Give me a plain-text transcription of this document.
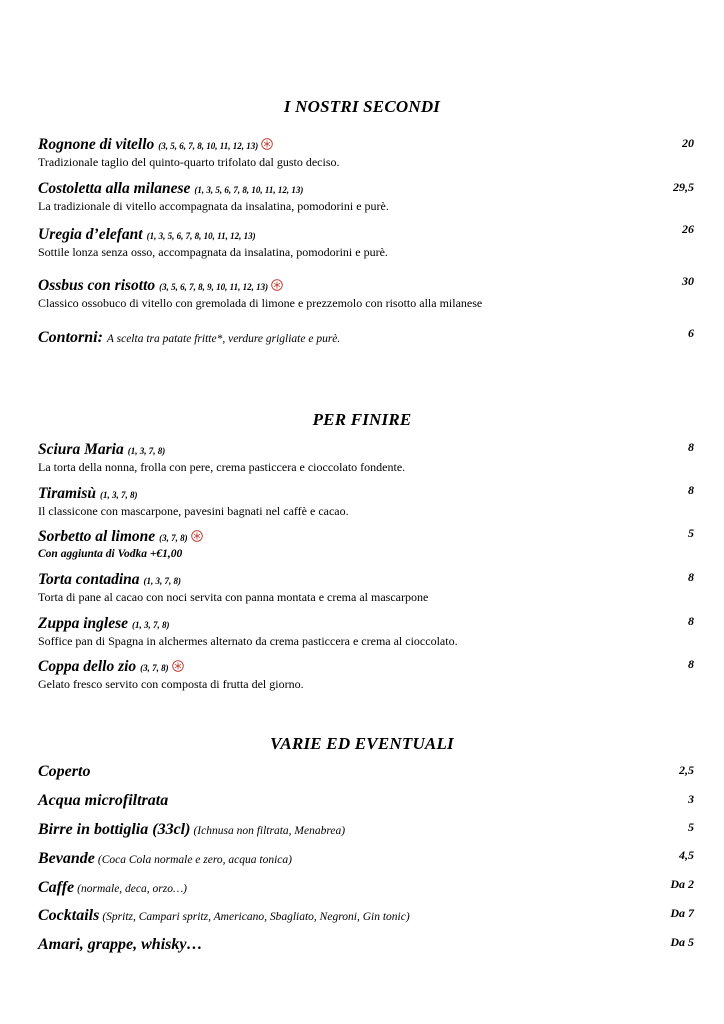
I NOSTRI SECONDI
Rognone di vitello (3, 5, 6, 7, 8, 10, 11, 12, 13)
Tradizionale taglio del quinto-quarto trifolato dal gusto deciso.
20
Costoletta alla milanese (1, 3, 5, 6, 7, 8, 10, 11, 12, 13)
La tradizionale di vitello accompagnata da insalatina, pomodorini e purè.
29,5
Uregia d’elefant (1, 3, 5, 6, 7, 8, 10, 11, 12, 13)
Sottile lonza senza osso, accompagnata da insalatina, pomodorini e purè.
26
Ossbus con risotto (3, 5, 6, 7, 8, 9, 10, 11, 12, 13)
Classico ossobuco di vitello con gremolada di limone e prezzemolo con risotto alla milanese
30
Contorni: A scelta tra patate fritte*, verdure grigliate e purè.	6
PER FINIRE
Sciura Maria (1, 3, 7, 8)
La torta della nonna, frolla con pere, crema pasticcera e cioccolato fondente.
8
Tiramisù (1, 3, 7, 8)
Il classicone con mascarpone, pavesini bagnati nel caffè e cacao.
8
Sorbetto al limone (3, 7, 8)
Con aggiunta di Vodka +€1,00
5
Torta contadina (1, 3, 7, 8)
Torta di pane al cacao con noci servita con panna montata e crema al mascarpone
8
Zuppa inglese (1, 3, 7, 8)
Soffice pan di Spagna in alchermes alternato da crema pasticcera e crema al cioccolato.
8
Coppa dello zio (3, 7, 8)
Gelato fresco servito con composta di frutta del giorno.
8
VARIE ED EVENTUALI
Coperto	2,5
Acqua microfiltrata	3
Birre in bottiglia (33cl) (Ichnusa non filtrata, Menabrea)	5
Bevande (Coca Cola normale e zero, acqua tonica)	4,5
Caffe (normale, deca, orzo…)	Da 2
Cocktails (Spritz, Campari spritz, Americano, Sbagliato, Negroni, Gin tonic)	Da 7
Amari, grappe, whisky…	Da 5
